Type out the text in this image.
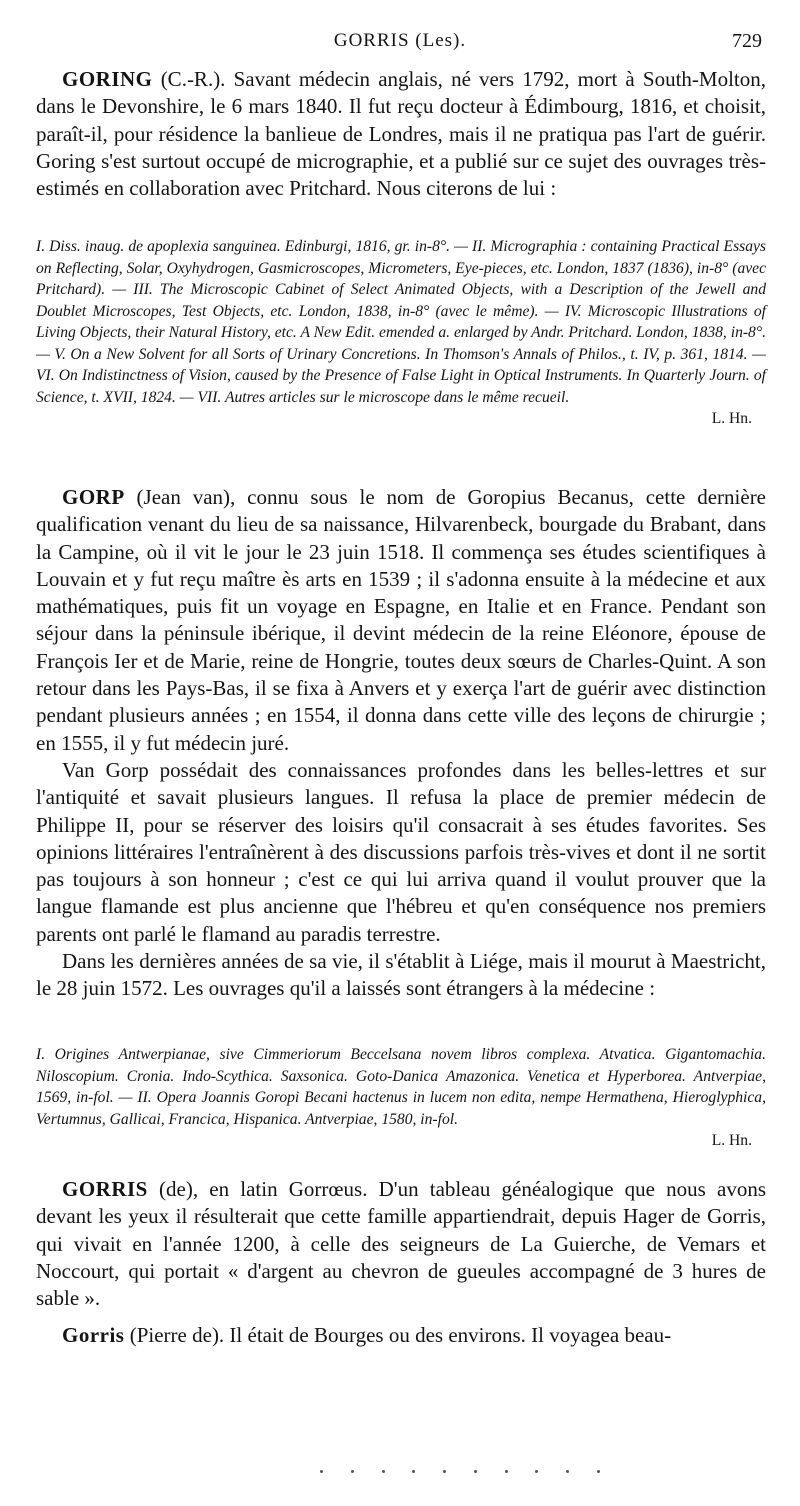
GORRIS (Les).	729

GORING (C.-R.). Savant médecin anglais, né vers 1792, mort à South-Molton, dans le Devonshire, le 6 mars 1840. Il fut reçu docteur à Édimbourg, 1816, et choisit, paraît-il, pour résidence la banlieue de Londres, mais il ne pratiqua pas l'art de guérir. Goring s'est surtout occupé de micrographie, et a publié sur ce sujet des ouvrages très-estimés en collaboration avec Pritchard. Nous citerons de lui :

I. Diss. inaug. de apoplexia sanguinea. Edinburgi, 1816, gr. in-8°. — II. Micrographia : containing Practical Essays on Reflecting, Solar, Oxyhydrogen, Gasmicroscopes, Micrometers, Eye-pieces, etc. London, 1837 (1836), in-8° (avec Pritchard). — III. The Microscopic Cabinet of Select Animated Objects, with a Description of the Jewell and Doublet Microscopes, Test Objects, etc. London, 1838, in-8° (avec le même). — IV. Microscopic Illustrations of Living Objects, their Natural History, etc. A New Edit. emended a. enlarged by Andr. Pritchard. London, 1838, in-8°. — V. On a New Solvent for all Sorts of Urinary Concretions. In Thomson's Annals of Philos., t. IV, p. 361, 1814. — VI. On Indistinctness of Vision, caused by the Presence of False Light in Optical Instruments. In Quarterly Journ. of Science, t. XVII, 1824. — VII. Autres articles sur le microscope dans le même recueil.

L. Hn.

GORP (Jean van), connu sous le nom de Goropius Becanus, cette dernière qualification venant du lieu de sa naissance, Hilvarenbeck, bourgade du Brabant, dans la Campine, où il vit le jour le 23 juin 1518. Il commença ses études scientifiques à Louvain et y fut reçu maître ès arts en 1539 ; il s'adonna ensuite à la médecine et aux mathématiques, puis fit un voyage en Espagne, en Italie et en France. Pendant son séjour dans la péninsule ibérique, il devint médecin de la reine Eléonore, épouse de François Ier et de Marie, reine de Hongrie, toutes deux sœurs de Charles-Quint. A son retour dans les Pays-Bas, il se fixa à Anvers et y exerça l'art de guérir avec distinction pendant plusieurs années ; en 1554, il donna dans cette ville des leçons de chirurgie ; en 1555, il y fut médecin juré.

Van Gorp possédait des connaissances profondes dans les belles-lettres et sur l'antiquité et savait plusieurs langues. Il refusa la place de premier médecin de Philippe II, pour se réserver des loisirs qu'il consacrait à ses études favorites. Ses opinions littéraires l'entraînèrent à des discussions parfois très-vives et dont il ne sortit pas toujours à son honneur ; c'est ce qui lui arriva quand il voulut prouver que la langue flamande est plus ancienne que l'hébreu et qu'en conséquence nos premiers parents ont parlé le flamand au paradis terrestre.

Dans les dernières années de sa vie, il s'établit à Liége, mais il mourut à Maestricht, le 28 juin 1572. Les ouvrages qu'il a laissés sont étrangers à la médecine :

I. Origines Antwerpianae, sive Cimmeriorum Beccelsana novem libros complexa. Atvatica. Gigantomachia. Niloscopium. Cronia. Indo-Scythica. Saxsonica. Goto-Danica Amazonica. Venetica et Hyperborea. Antverpiae, 1569, in-fol. — II. Opera Joannis Goropi Becani hactenus in lucem non edita, nempe Hermathena, Hieroglyphica, Vertumnus, Gallicai, Francica, Hispanica. Antverpiae, 1580, in-fol.

L. Hn.

GORRIS (de), en latin Gorrœus. D'un tableau généalogique que nous avons devant les yeux il résulterait que cette famille appartiendrait, depuis Hager de Gorris, qui vivait en l'année 1200, à celle des seigneurs de La Guierche, de Vemars et Noccourt, qui portait « d'argent au chevron de gueules accompagné de 3 hures de sable ».

Gorris (Pierre de). Il était de Bourges ou des environs. Il voyagea beau-
